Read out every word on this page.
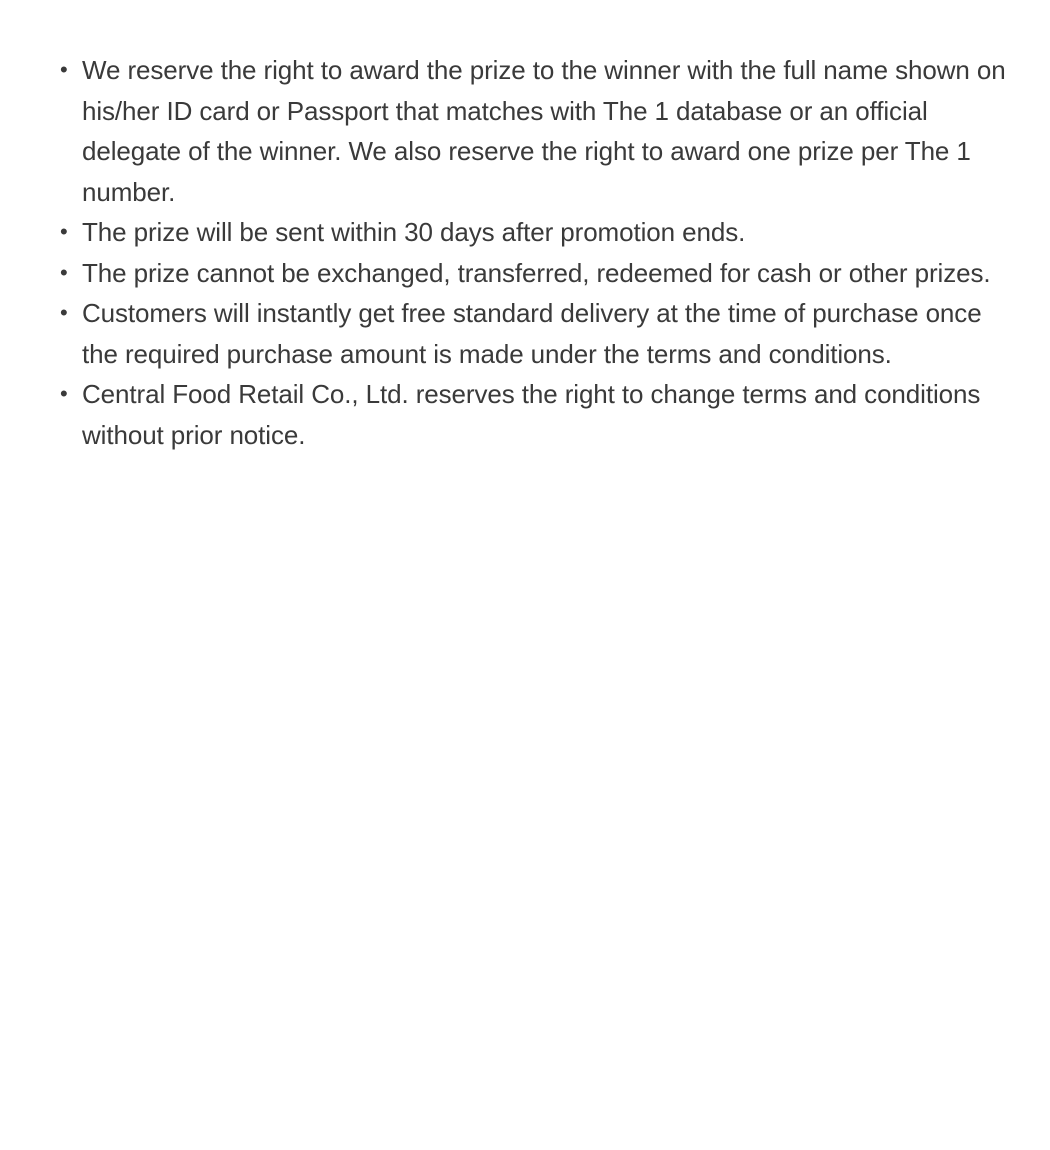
• We reserve the right to award the prize to the winner with the full name shown on his/her ID card or Passport that matches with The 1 database or an official delegate of the winner. We also reserve the right to award one prize per The 1 number.
• The prize will be sent within 30 days after promotion ends.
• The prize cannot be exchanged, transferred, redeemed for cash or other prizes.
• Customers will instantly get free standard delivery at the time of purchase once the required purchase amount is made under the terms and conditions.
• Central Food Retail Co., Ltd. reserves the right to change terms and conditions without prior notice.
